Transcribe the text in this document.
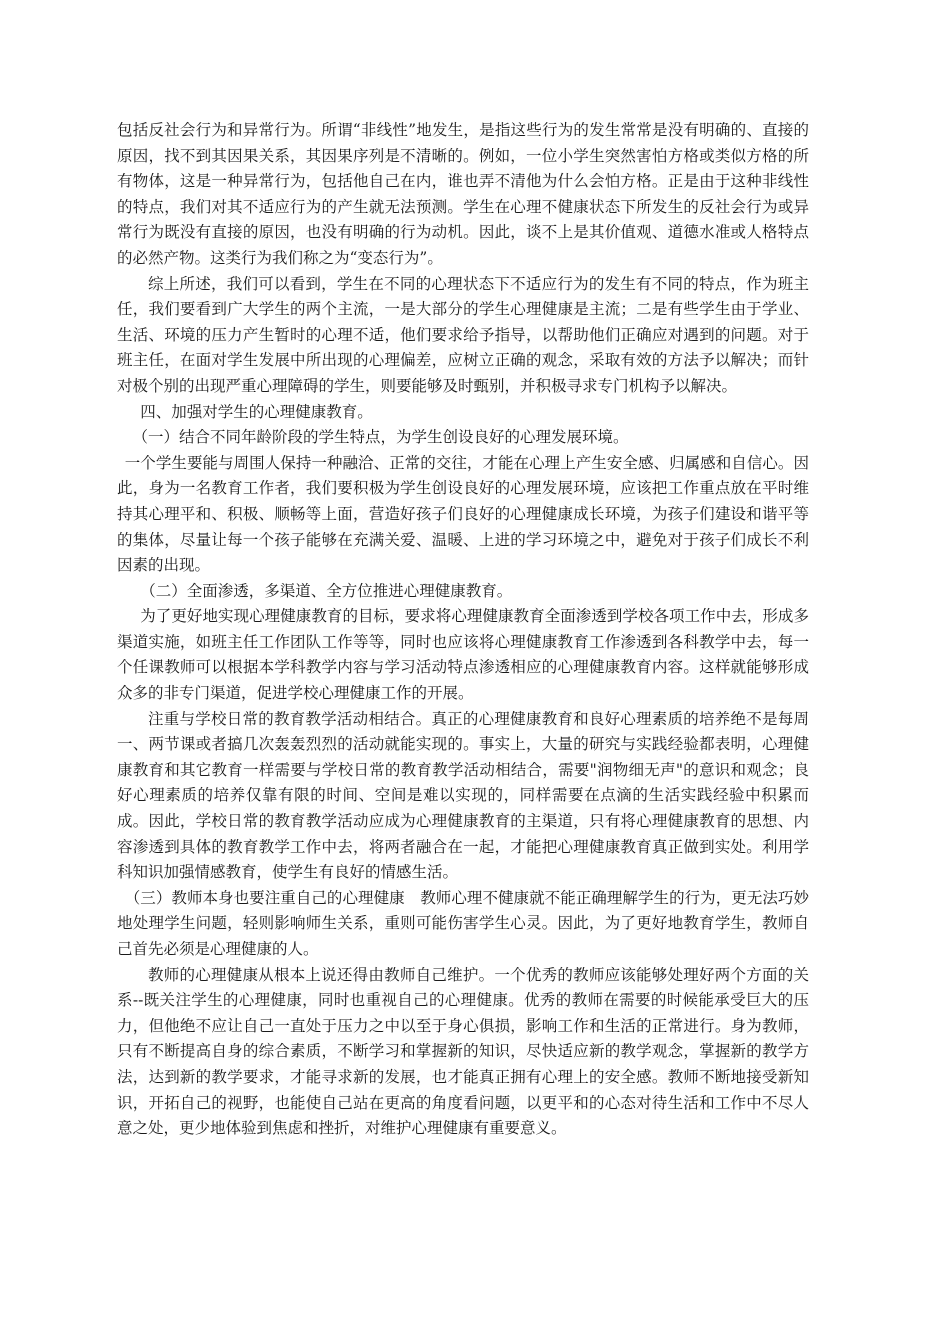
包括反社会行为和异常行为。所谓“非线性”地发生，是指这些行为的发生常常是没有明确的、直接的原因，找不到其因果关系，其因果序列是不清晰的。例如，一位小学生突然害怕方格或类似方格的所有物体，这是一种异常行为，包括他自己在内，谁也弄不清他为什么会怕方格。正是由于这种非线性的特点，我们对其不适应行为的产生就无法预测。学生在心理不健康状态下所发生的反社会行为或异常行为既没有直接的原因，也没有明确的行为动机。因此，谈不上是其价值观、道德水准或人格特点的必然产物。这类行为我们称之为“变态行为”。

综上所述，我们可以看到，学生在不同的心理状态下不适应行为的发生有不同的特点，作为班主任，我们要看到广大学生的两个主流，一是大部分的学生心理健康是主流；二是有些学生由于学业、生活、环境的压力产生暂时的心理不适，他们要求给予指导，以帮助他们正确应对遇到的问题。对于班主任，在面对学生发展中所出现的心理偏差，应树立正确的观念，采取有效的方法予以解决；而针对极个别的出现严重心理障碍的学生，则要能够及时甄别，并积极寻求专门机构予以解决。

四、加强对学生的心理健康教育。

（一）结合不同年龄阶段的学生特点，为学生创设良好的心理发展环境。

一个学生要能与周围人保持一种融洽、正常的交往，才能在心理上产生安全感、归属感和自信心。因此，身为一名教育工作者，我们要积极为学生创设良好的心理发展环境，应该把工作重点放在平时维持其心理平和、积极、顺畅等上面，营造好孩子们良好的心理健康成长环境，为孩子们建设和谐平等的集体，尽量让每一个孩子能够在充满关爱、温暖、上进的学习环境之中，避免对于孩子们成长不利因素的出现。

（二）全面渗透，多渠道、全方位推进心理健康教育。

为了更好地实现心理健康教育的目标，要求将心理健康教育全面渗透到学校各项工作中去，形成多渠道实施，如班主任工作团队工作等等，同时也应该将心理健康教育工作渗透到各科教学中去，每一个任课教师可以根据本学科教学内容与学习活动特点渗透相应的心理健康教育内容。这样就能够形成众多的非专门渠道，促进学校心理健康工作的开展。

注重与学校日常的教育教学活动相结合。真正的心理健康教育和良好心理素质的培养绝不是每周一、两节课或者搞几次轰轰烈烈的活动就能实现的。事实上，大量的研究与实践经验都表明，心理健康教育和其它教育一样需要与学校日常的教育教学活动相结合，需要"润物细无声"的意识和观念；良好心理素质的培养仅靠有限的时间、空间是难以实现的，同样需要在点滴的生活实践经验中积累而成。因此，学校日常的教育教学活动应成为心理健康教育的主渠道，只有将心理健康教育的思想、内容渗透到具体的教育教学工作中去，将两者融合在一起，才能把心理健康教育真正做到实处。利用学科知识加强情感教育，使学生有良好的情感生活。

（三）教师本身也要注重自己的心理健康　教师心理不健康就不能正确理解学生的行为，更无法巧妙地处理学生问题，轻则影响师生关系，重则可能伤害学生心灵。因此，为了更好地教育学生，教师自己首先必须是心理健康的人。

教师的心理健康从根本上说还得由教师自己维护。一个优秀的教师应该能够处理好两个方面的关系--既关注学生的心理健康，同时也重视自己的心理健康。优秀的教师在需要的时候能承受巨大的压力，但他绝不应让自己一直处于压力之中以至于身心俱损，影响工作和生活的正常进行。身为教师，只有不断提高自身的综合素质，不断学习和掌握新的知识，尽快适应新的教学观念，掌握新的教学方法，达到新的教学要求，才能寻求新的发展，也才能真正拥有心理上的安全感。教师不断地接受新知识，开拓自己的视野，也能使自己站在更高的角度看问题，以更平和的心态对待生活和工作中不尽人意之处，更少地体验到焦虑和挫折，对维护心理健康有重要意义。
